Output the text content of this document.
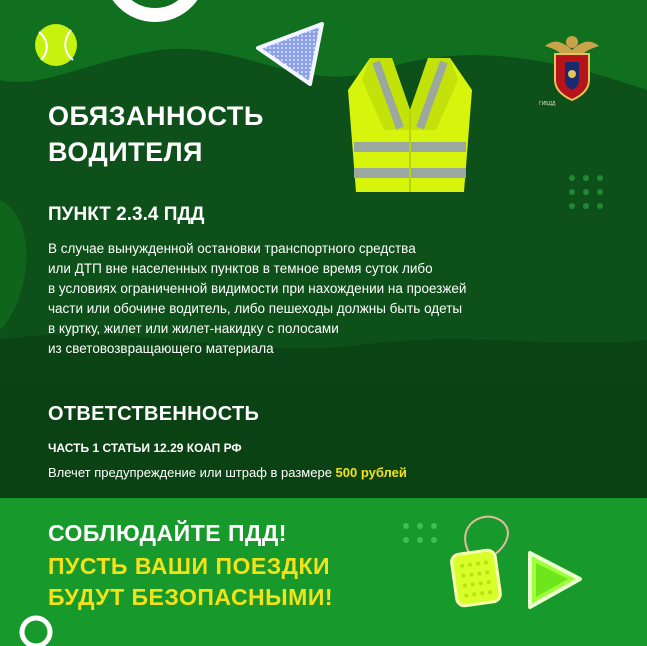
ГИБДД
ОБЯЗАННОСТЬ
ВОДИТЕЛЯ
ПУНКТ 2.3.4 ПДД
В случае вынужденной остановки транспортного средства
или ДТП вне населенных пунктов в темное время суток либо
в условиях ограниченной видимости при нахождении на проезжей
части или обочине водитель, либо пешеходы должны быть одеты
в куртку, жилет или жилет-накидку с полосами
из световозвращающего материала
ОТВЕТСТВЕННОСТЬ
ЧАСТЬ 1 СТАТЬИ 12.29 КОАП РФ
Влечет предупреждение или штраф в размере 500 рублей
СОБЛЮДАЙТЕ ПДД!
ПУСТЬ ВАШИ ПОЕЗДКИ
БУДУТ БЕЗОПАСНЫМИ!
